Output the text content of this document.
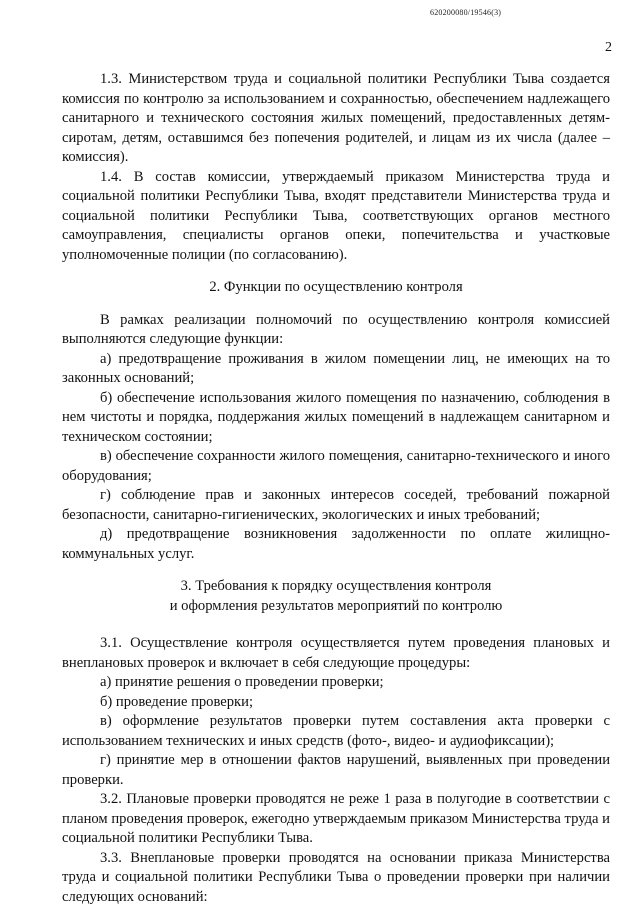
620200080/19546(3)
2

1.3. Министерством труда и социальной политики Республики Тыва создается комиссия по контролю за использованием и сохранностью, обеспечением надлежащего санитарного и технического состояния жилых помещений, предоставленных детям-сиротам, детям, оставшимся без попечения родителей, и лицам из их числа (далее – комиссия).

1.4. В состав комиссии, утверждаемый приказом Министерства труда и социальной политики Республики Тыва, входят представители Министерства труда и социальной политики Республики Тыва, соответствующих органов местного самоуправления, специалисты органов опеки, попечительства и участковые уполномоченные полиции (по согласованию).

2. Функции по осуществлению контроля

В рамках реализации полномочий по осуществлению контроля комиссией выполняются следующие функции:

а) предотвращение проживания в жилом помещении лиц, не имеющих на то законных оснований;

б) обеспечение использования жилого помещения по назначению, соблюдения в нем чистоты и порядка, поддержания жилых помещений в надлежащем санитарном и техническом состоянии;

в) обеспечение сохранности жилого помещения, санитарно-технического и иного оборудования;

г) соблюдение прав и законных интересов соседей, требований пожарной безопасности, санитарно-гигиенических, экологических и иных требований;

д) предотвращение возникновения задолженности по оплате жилищно-коммунальных услуг.

3. Требования к порядку осуществления контроля

и оформления результатов мероприятий по контролю

3.1. Осуществление контроля осуществляется путем проведения плановых и внеплановых проверок и включает в себя следующие процедуры:

а) принятие решения о проведении проверки;

б) проведение проверки;

в) оформление результатов проверки путем составления акта проверки с использованием технических и иных средств (фото-, видео- и аудиофиксации);

г) принятие мер в отношении фактов нарушений, выявленных при проведении проверки.

3.2. Плановые проверки проводятся не реже 1 раза в полугодие в соответствии с планом проведения проверок, ежегодно утверждаемым приказом Министерства труда и социальной политики Республики Тыва.

3.3. Внеплановые проверки проводятся на основании приказа Министерства труда и социальной политики Республики Тыва о проведении проверки при наличии следующих оснований:
